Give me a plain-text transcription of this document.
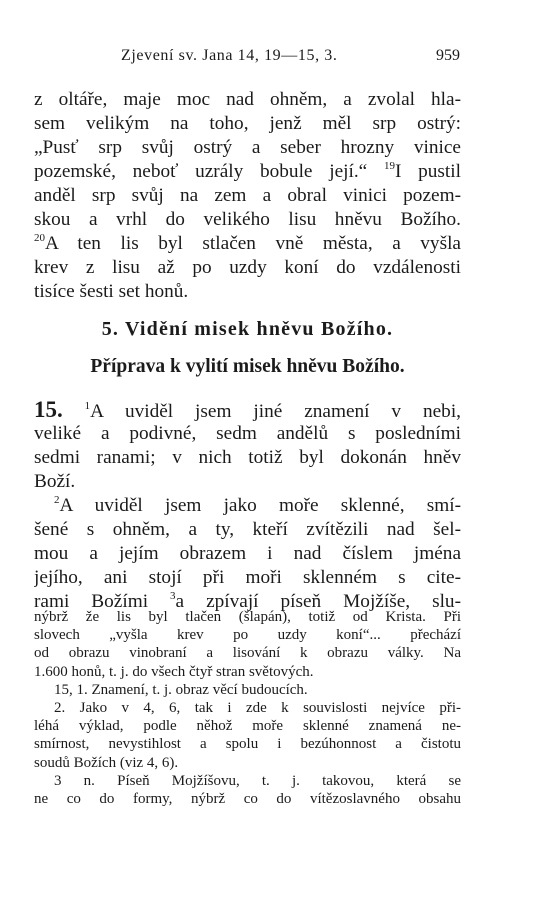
Zjevení sv. Jana 14, 19—15, 3.	959
z oltáře, maje moc nad ohněm, a zvolal hla-
sem velikým na toho, jenž měl srp ostrý:
„Pusť srp svůj ostrý a seber hrozny vinice
pozemské, neboť uzrály bobule její.“ $^{19}$I pustil
anděl srp svůj na zem a obral vinici pozem-
skou a vrhl do velikého lisu hněvu Božího.
$^{20}$A ten lis byl stlačen vně města, a vyšla
krev z lisu až po uzdy koní do vzdálenosti
tisíce šesti set honů.
5. Vidění misek hněvu Božího.
Příprava k vylití misek hněvu Božího.
15. $^1$A uviděl jsem jiné znamení v nebi,
veliké a podivné, sedm andělů s posledními
sedmi ranami; v nich totiž byl dokonán hněv
Boží.
$^2$A uviděl jsem jako moře sklenné, smí-
šené s ohněm, a ty, kteří zvítězili nad šel-
mou a jejím obrazem i nad číslem jména
jejího, ani stojí při moři sklenném s cite-
rami Božími $^3$a zpívají píseň Mojžíše, slu-
nýbrž že lis byl tlačen (šlapán), totiž od Krista. Při
slovech „vyšla krev po uzdy koní“... přechází
od obrazu vinobraní a lisování k obrazu války. Na
1.600 honů, t. j. do všech čtyř stran světových.
15, 1. Znamení, t. j. obraz věcí budoucích.
2. Jako v 4, 6, tak i zde k souvislosti nejvíce při-
léhá výklad, podle něhož moře sklenné znamená ne-
smírnost, nevystihlost a spolu i bezúhonnost a čistotu
soudů Božích (viz 4, 6).
3 n. Píseň Mojžíšovu, t. j. takovou, která se
ne co do formy, nýbrž co do vítězoslavného obsahu
